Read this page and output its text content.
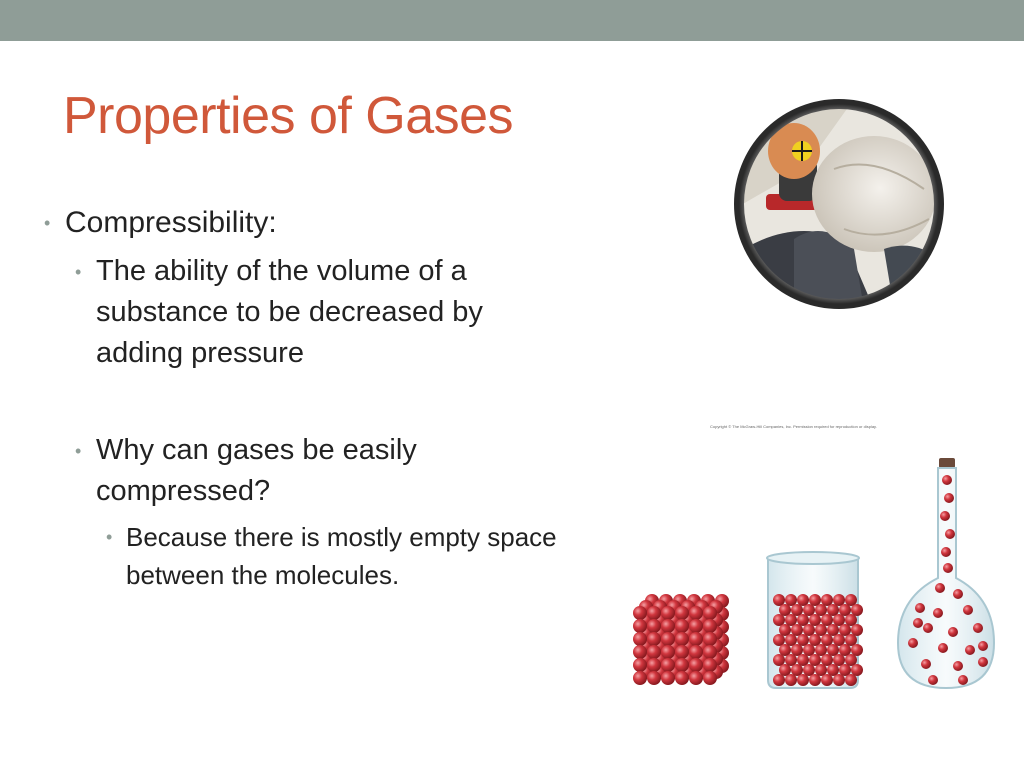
Properties of Gases
• Compressibility:
• The ability of the volume of a substance to be decreased by adding pressure
• Why can gases be easily compressed?
• Because there is mostly empty space between the molecules.
Copyright © The McGraw-Hill Companies, Inc. Permission required for reproduction or display.
